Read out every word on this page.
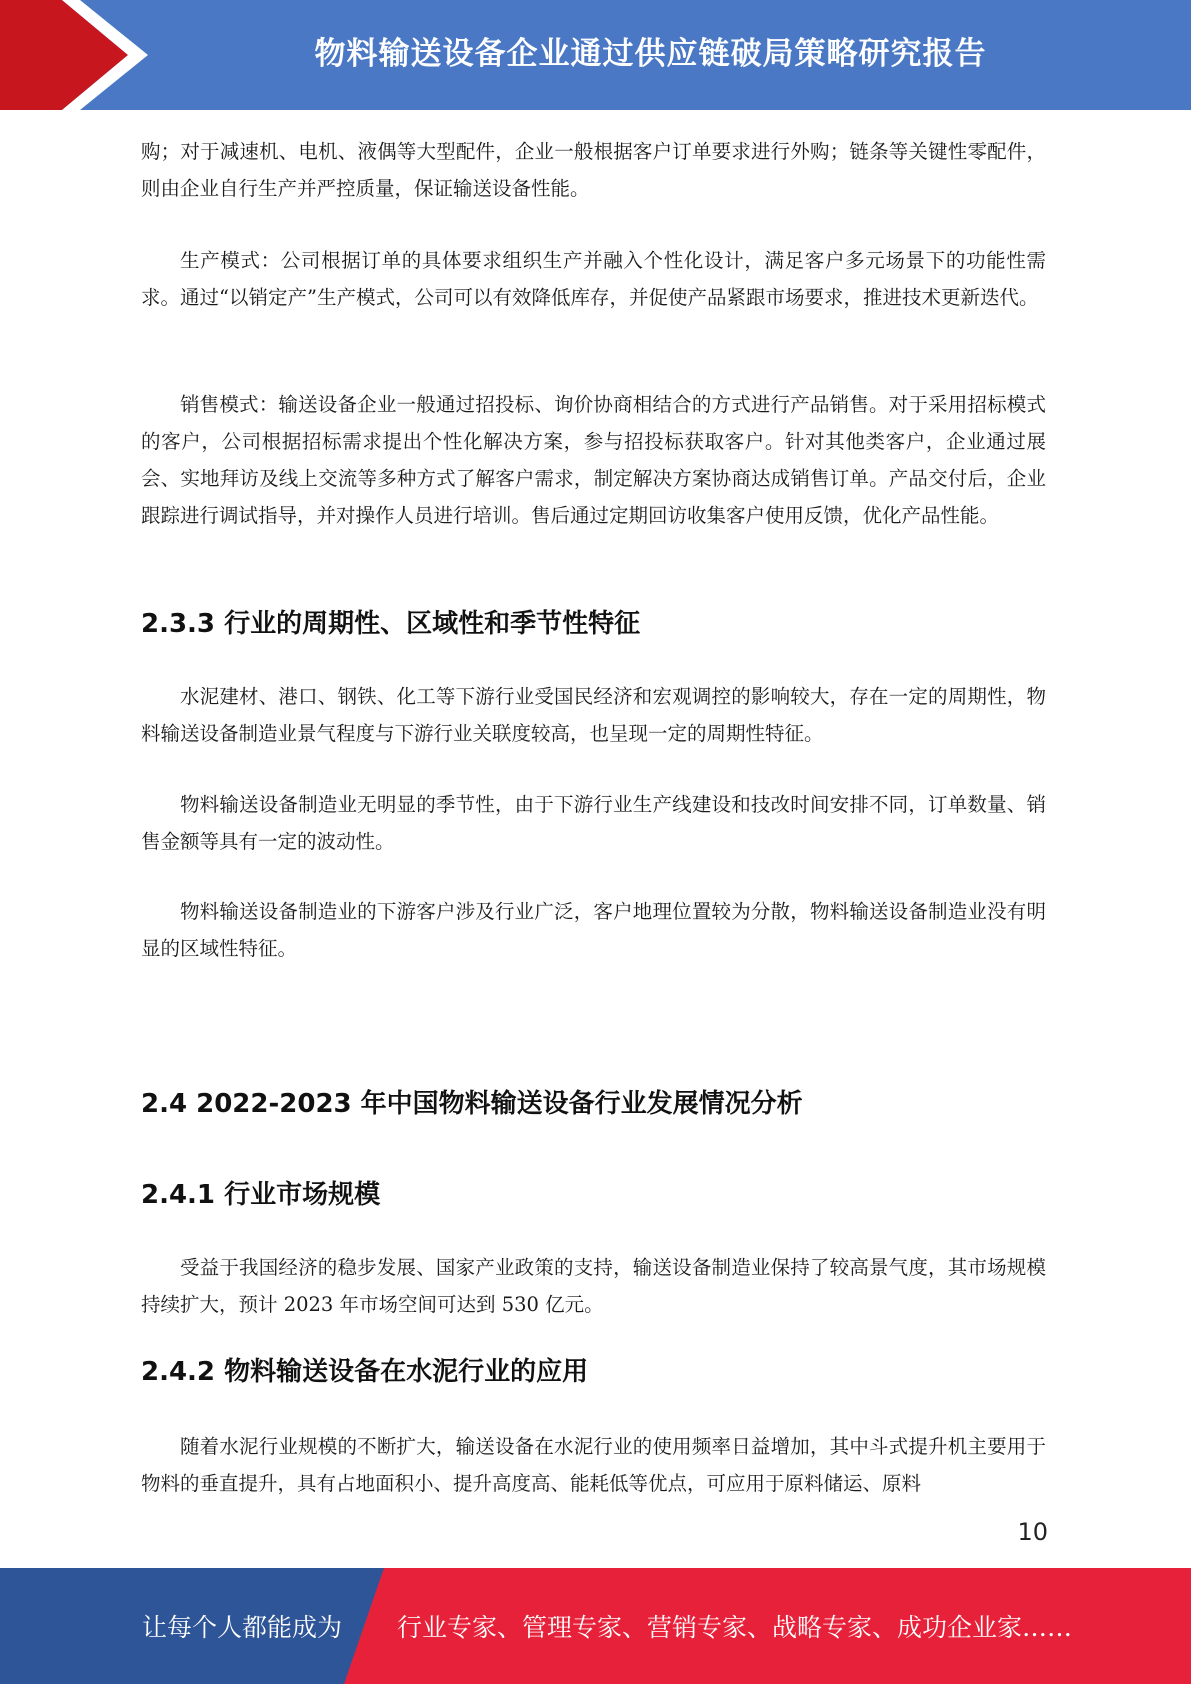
物料输送设备企业通过供应链破局策略研究报告

购；对于减速机、电机、液偶等大型配件，企业一般根据客户订单要求进行外购；链条等关键性零配件，则由企业自行生产并严控质量，保证输送设备性能。

生产模式：公司根据订单的具体要求组织生产并融入个性化设计，满足客户多元场景下的功能性需求。通过“以销定产”生产模式，公司可以有效降低库存，并促使产品紧跟市场要求，推进技术更新迭代。

销售模式：输送设备企业一般通过招投标、询价协商相结合的方式进行产品销售。对于采用招标模式的客户，公司根据招标需求提出个性化解决方案，参与招投标获取客户。针对其他类客户，企业通过展会、实地拜访及线上交流等多种方式了解客户需求，制定解决方案协商达成销售订单。产品交付后，企业跟踪进行调试指导，并对操作人员进行培训。售后通过定期回访收集客户使用反馈，优化产品性能。

2.3.3 行业的周期性、区域性和季节性特征

水泥建材、港口、钢铁、化工等下游行业受国民经济和宏观调控的影响较大，存在一定的周期性，物料输送设备制造业景气程度与下游行业关联度较高，也呈现一定的周期性特征。

物料输送设备制造业无明显的季节性，由于下游行业生产线建设和技改时间安排不同，订单数量、销售金额等具有一定的波动性。

物料输送设备制造业的下游客户涉及行业广泛，客户地理位置较为分散，物料输送设备制造业没有明显的区域性特征。

2.4 2022-2023 年中国物料输送设备行业发展情况分析
2.4.1 行业市场规模

受益于我国经济的稳步发展、国家产业政策的支持，输送设备制造业保持了较高景气度，其市场规模持续扩大，预计 2023 年市场空间可达到 530 亿元。

2.4.2 物料输送设备在水泥行业的应用

随着水泥行业规模的不断扩大，输送设备在水泥行业的使用频率日益增加，其中斗式提升机主要用于物料的垂直提升，具有占地面积小、提升高度高、能耗低等优点，可应用于原料储运、原料

10
让每个人都能成为 行业专家、管理专家、营销专家、战略专家、成功企业家……
